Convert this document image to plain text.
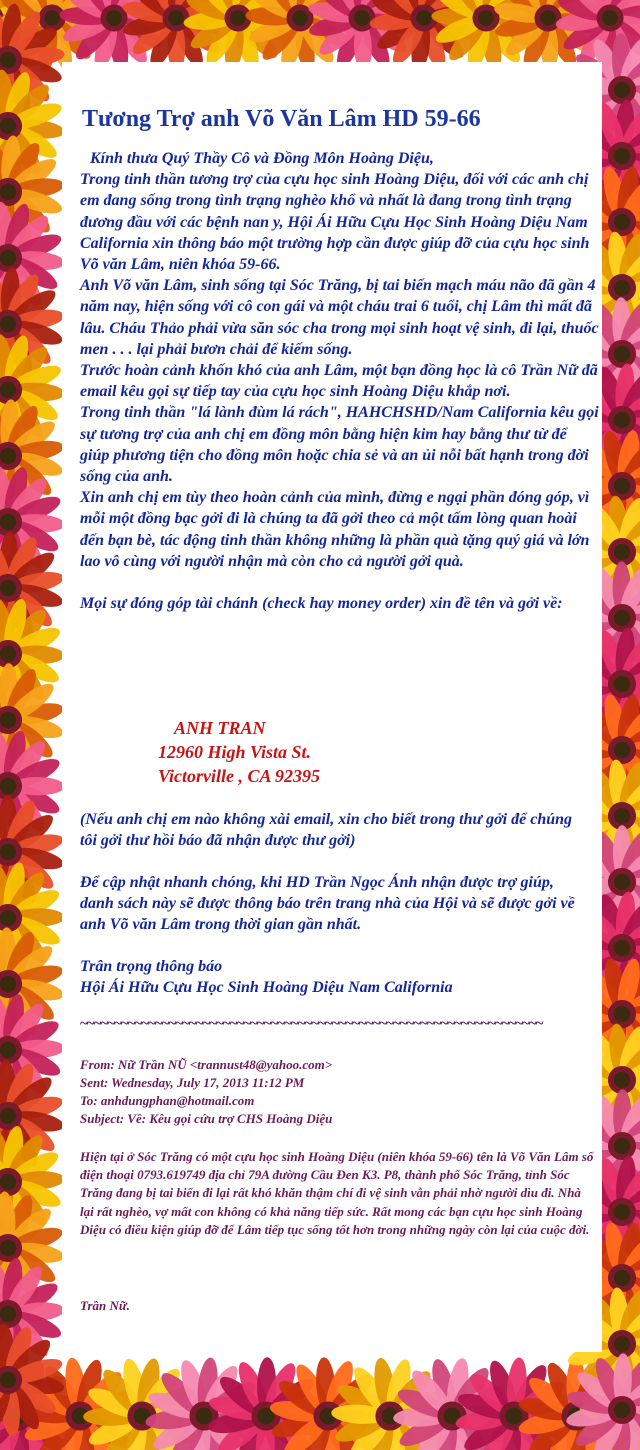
Tương Trợ anh Võ Văn Lâm HD 59-66

Kính thưa Quý Thầy Cô và Đồng Môn Hoàng Diệu,

Trong tinh thần tương trợ của cựu học sinh Hoàng Diệu, đối với các anh chị em đang sống trong tình trạng nghèo khổ và nhất là đang trong tình trạng đương đầu với các bệnh nan y, Hội Ái Hữu Cựu Học Sinh Hoàng Diệu Nam California xin thông báo một trường hợp cần được giúp đỡ của cựu học sinh Võ văn Lâm, niên khóa 59-66.

Anh Võ văn Lâm, sinh sống tại Sóc Trăng, bị tai biến mạch máu não đã gần 4 năm nay, hiện sống với cô con gái và một cháu trai 6 tuổi, chị Lâm thì mất đã lâu. Cháu Thảo phải vừa săn sóc cha trong mọi sinh hoạt vệ sinh, đi lại, thuốc men . . . lại phải bươn chải để kiếm sống.

Trước hoàn cảnh khốn khó của anh Lâm, một bạn đồng học là cô Trần Nữ đã email kêu gọi sự tiếp tay của cựu học sinh Hoàng Diệu khắp nơi.

Trong tinh thần "lá lành đùm lá rách", HAHCHSHD/Nam California kêu gọi sự tương trợ của anh chị em đồng môn bằng hiện kim hay bằng thư từ để giúp phương tiện cho đồng môn hoặc chia sẻ và an ủi nỗi bất hạnh trong đời sống của anh.

Xin anh chị em tùy theo hoàn cảnh của mình, đừng e ngại phần đóng góp, vì mỗi một đồng bạc gởi đi là chúng ta đã gởi theo cả một tấm lòng quan hoài đến bạn bè, tác động tinh thần không những là phần quà tặng quý giá và lớn lao vô cùng với người nhận mà còn cho cả người gởi quà.

Mọi sự đóng góp tài chánh (check hay money order) xin đề tên và gởi về:

ANH TRAN
12960 High Vista St.
Victorville , CA 92395

(Nếu anh chị em nào không xài email, xin cho biết trong thư gởi để chúng tôi gởi thư hồi báo đã nhận được thư gởi)

Để cập nhật nhanh chóng, khi HD Trần Ngọc Ánh nhận được trợ giúp, danh sách này sẽ được thông báo trên trang nhà của Hội và sẽ được gởi về anh Võ văn Lâm trong thời gian gần nhất.

Trân trọng thông báo
Hội Ái Hữu Cựu Học Sinh Hoàng Diệu Nam California

~~~~~~~~~~~~~~~~~~~~~~~~~~~~~~~~~~~~~~~~~~~~~~~~~~~~~~~~~~~~~~~~~~~~
From: Nữ Trần NŨ <trannust48@yahoo.com>
Sent: Wednesday, July 17, 2013 11:12 PM
To: anhdungphan@hotmail.com
Subject: Về: Kêu gọi cứu trợ CHS Hoàng Diệu

Hiện tại ở Sóc Trăng có một cựu học sinh Hoàng Diệu (niên khóa 59-66) tên là Võ Văn Lâm số điện thoại 0793.619749 địa chỉ 79A đường Cầu Đen K3. P8, thành phố Sóc Trăng, tỉnh Sóc Trăng đang bị tai biến đi lại rất khó khăn thậm chí đi vệ sinh vẫn phải nhờ người dìu đi. Nhà lại rất nghèo, vợ mất con không có khả năng tiếp sức. Rất mong các bạn cựu học sinh Hoàng Diệu có điều kiện giúp đỡ để Lâm tiếp tục sống tốt hơn trong những ngày còn lại của cuộc đời.

Trần Nữ.
